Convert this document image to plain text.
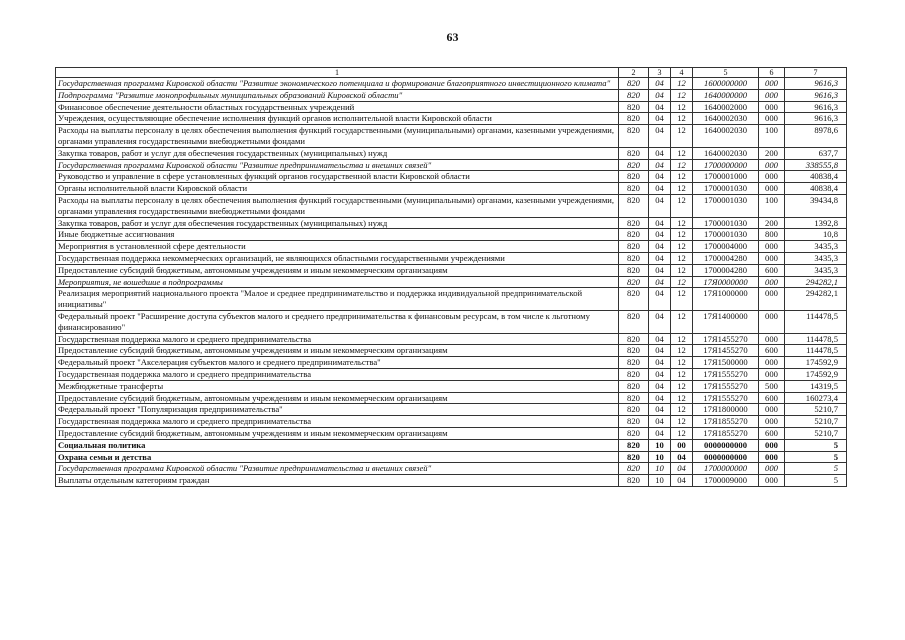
63
1	2	3	4	5	6	7
Государственная программа Кировской области "Развитие экономического потенциала и формирование благоприятного инвестиционного климата"	820	04	12	1600000000	000	9616,3
Подпрограмма "Развитие монопрофильных муниципальных образований Кировской области"	820	04	12	1640000000	000	9616,3
Финансовое обеспечение деятельности областных государственных учреждений	820	04	12	1640002000	000	9616,3
Учреждения, осуществляющие обеспечение исполнения функций органов исполнительной власти Кировской области	820	04	12	1640002030	000	9616,3
Расходы на выплаты персоналу в целях обеспечения выполнения функций государственными (муниципальными) органами, казенными учреждениями, органами управления государственными внебюджетными фондами	820	04	12	1640002030	100	8978,6
Закупка товаров, работ и услуг для обеспечения государственных (муниципальных) нужд	820	04	12	1640002030	200	637,7
Государственная программа Кировской области "Развитие предпринимательства и внешних связей"	820	04	12	1700000000	000	338555,8
Руководство и управление в сфере установленных функций органов государственной власти Кировской области	820	04	12	1700001000	000	40838,4
Органы исполнительной власти Кировской области	820	04	12	1700001030	000	40838,4
Расходы на выплаты персоналу в целях обеспечения выполнения функций государственными (муниципальными) органами, казенными учреждениями, органами управления государственными внебюджетными фондами	820	04	12	1700001030	100	39434,8
Закупка товаров, работ и услуг для обеспечения государственных (муниципальных) нужд	820	04	12	1700001030	200	1392,8
Иные бюджетные ассигнования	820	04	12	1700001030	800	10,8
Мероприятия в установленной сфере деятельности	820	04	12	1700004000	000	3435,3
Государственная поддержка некоммерческих организаций, не являющихся областными государственными учреждениями	820	04	12	1700004280	000	3435,3
Предоставление субсидий бюджетным, автономным учреждениям и иным некоммерческим организациям	820	04	12	1700004280	600	3435,3
Мероприятия, не вошедшие в подпрограммы	820	04	12	17Я0000000	000	294282,1
Реализация мероприятий национального проекта "Малое и среднее предпринимательство и поддержка индивидуальной предпринимательской инициативы"	820	04	12	17Я1000000	000	294282,1
Федеральный проект "Расширение доступа субъектов малого и среднего предпринимательства к финансовым ресурсам, в том числе к льготному финансированию"	820	04	12	17Я1400000	000	114478,5
Государственная поддержка малого и среднего предпринимательства	820	04	12	17Я1455270	000	114478,5
Предоставление субсидий бюджетным, автономным учреждениям и иным некоммерческим организациям	820	04	12	17Я1455270	600	114478,5
Федеральный проект "Акселерация субъектов малого и среднего предпринимательства"	820	04	12	17Я1500000	000	174592,9
Государственная поддержка малого и среднего предпринимательства	820	04	12	17Я1555270	000	174592,9
Межбюджетные трансферты	820	04	12	17Я1555270	500	14319,5
Предоставление субсидий бюджетным, автономным учреждениям и иным некоммерческим организациям	820	04	12	17Я1555270	600	160273,4
Федеральный проект "Популяризация предпринимательства"	820	04	12	17Я1800000	000	5210,7
Государственная поддержка малого и среднего предпринимательства	820	04	12	17Я1855270	000	5210,7
Предоставление субсидий бюджетным, автономным учреждениям и иным некоммерческим организациям	820	04	12	17Я1855270	600	5210,7
Социальная политика	820	10	00	0000000000	000	5
Охрана семьи и детства	820	10	04	0000000000	000	5
Государственная программа Кировской области "Развитие предпринимательства и внешних связей"	820	10	04	1700000000	000	5
Выплаты отдельным категориям граждан	820	10	04	1700009000	000	5
